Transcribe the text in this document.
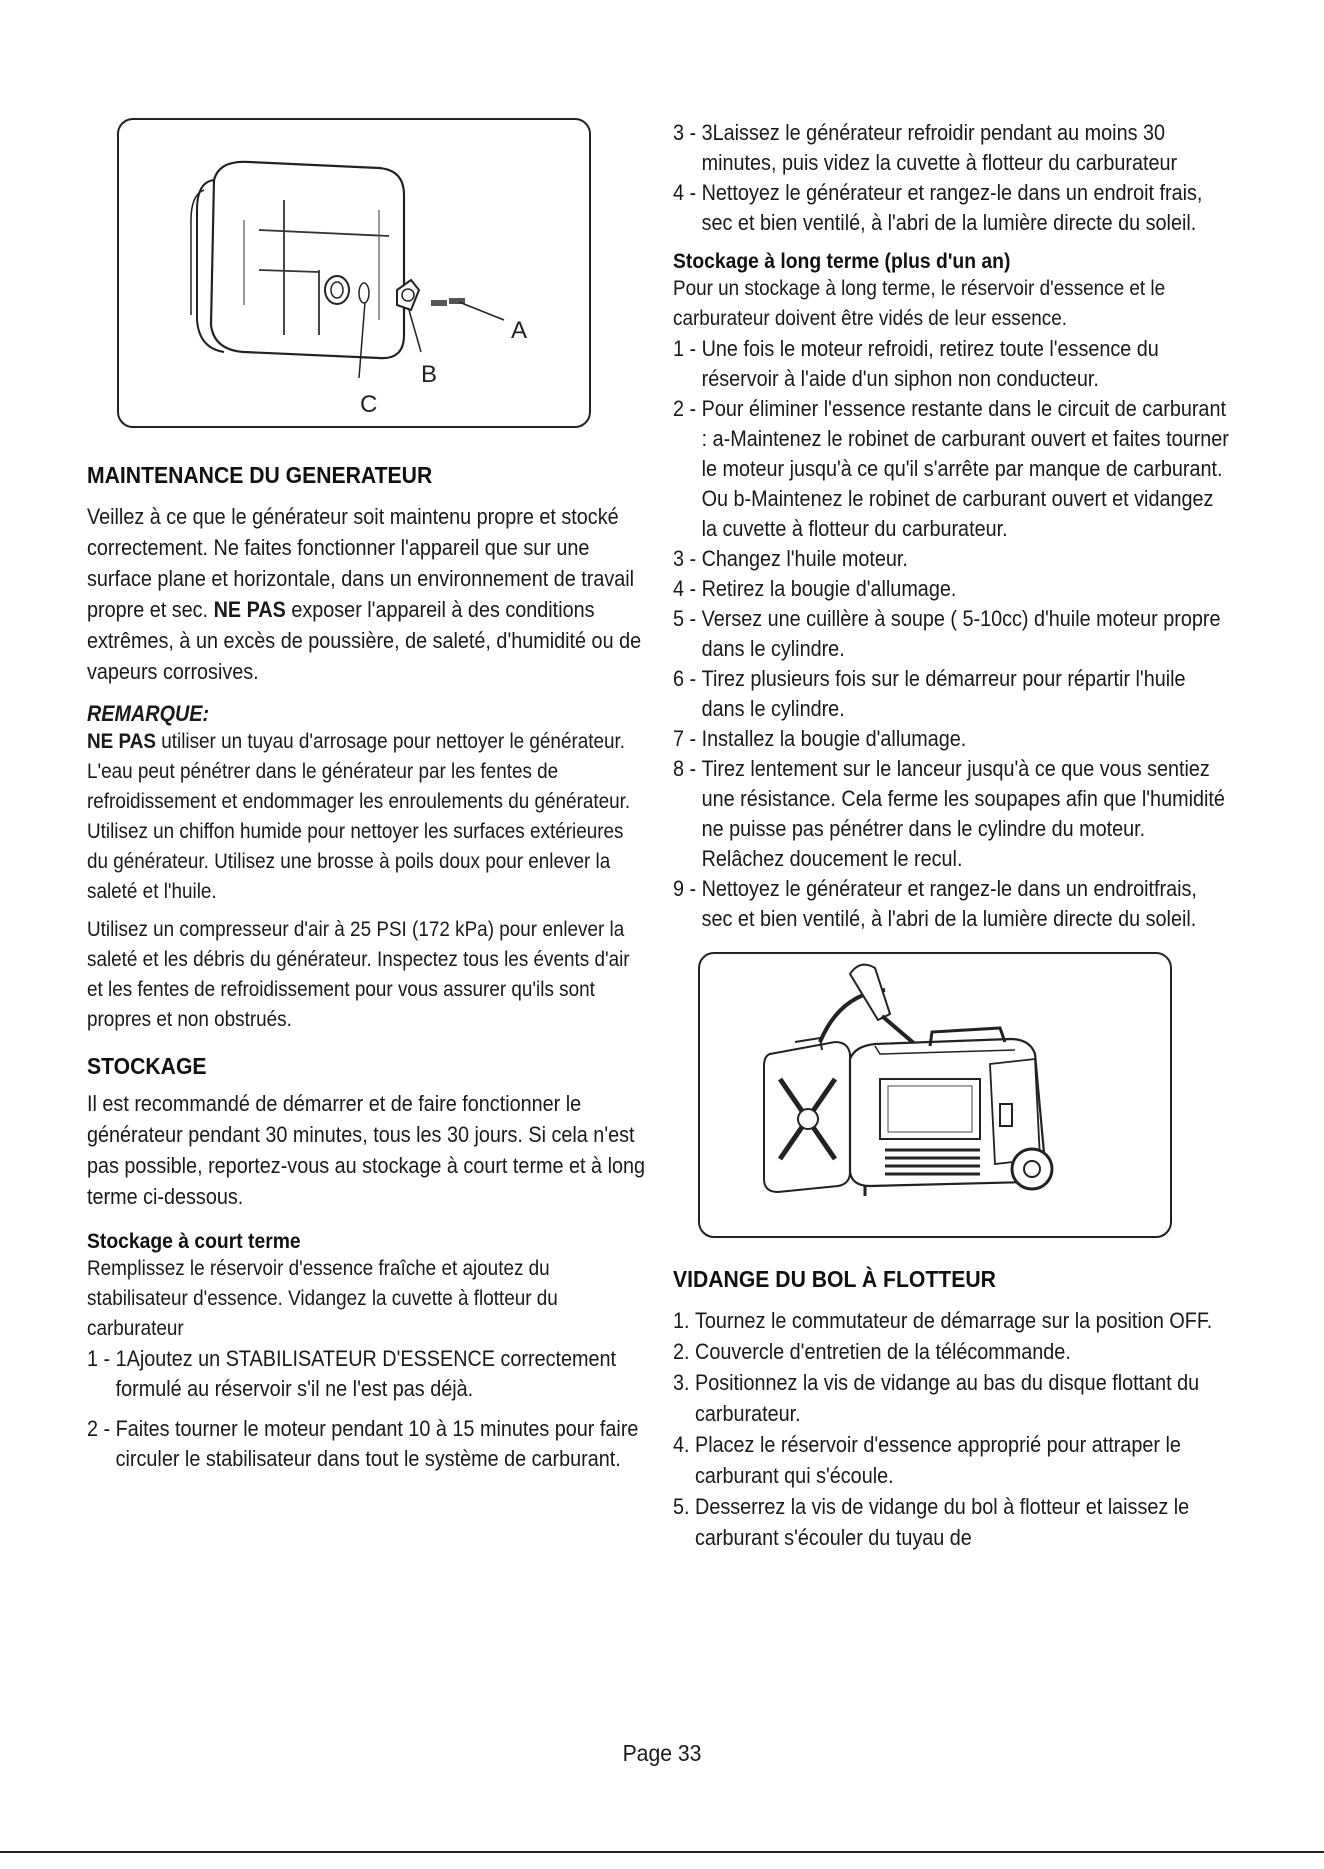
A
B
C
MAINTENANCE DU GENERATEUR

Veillez à ce que le générateur soit maintenu propre et stocké correctement. Ne faites fonctionner l'appareil que sur une surface plane et horizontale, dans un environnement de travail propre et sec. NE PAS exposer l'appareil à des conditions extrêmes, à un excès de poussière, de saleté, d'humidité ou de vapeurs corrosives.

REMARQUE:

NE PAS utiliser un tuyau d'arrosage pour nettoyer le générateur. L'eau peut pénétrer dans le générateur par les fentes de refroidissement et endommager les enroulements du générateur. Utilisez un chiffon humide pour nettoyer les surfaces extérieures du générateur. Utilisez une brosse à poils doux pour enlever la saleté et l'huile.

Utilisez un compresseur d'air à 25 PSI (172 kPa) pour enlever la saleté et les débris du générateur. Inspectez tous les évents d'air et les fentes de refroidissement pour vous assurer qu'ils sont propres et non obstrués.

STOCKAGE

Il est recommandé de démarrer et de faire fonctionner le générateur pendant 30 minutes, tous les 30 jours. Si cela n'est pas possible, reportez-vous au stockage à court terme et à long terme ci-dessous.

Stockage à court terme

Remplissez le réservoir d'essence fraîche et ajoutez du stabilisateur d'essence. Vidangez la cuvette à flotteur du carburateur

1 - 1Ajoutez un STABILISATEUR D'ESSENCE correctement formulé au réservoir s'il ne l'est pas déjà.
2 - Faites tourner le moteur pendant 10 à 15 minutes pour faire circuler le stabilisateur dans tout le système de carburant.
3 - 3Laissez le générateur refroidir pendant au moins 30 minutes, puis videz la cuvette à flotteur du carburateur
4 - Nettoyez le générateur et rangez-le dans un endroit frais, sec et bien ventilé, à l'abri de la lumière directe du soleil.
Stockage à long terme (plus d'un an)

Pour un stockage à long terme, le réservoir d'essence et le carburateur doivent être vidés de leur essence.

1 - Une fois le moteur refroidi, retirez toute l'essence du réservoir à l'aide d'un siphon non conducteur.
2 - Pour éliminer l'essence restante dans le circuit de carburant : a-Maintenez le robinet de carburant ouvert et faites tourner le moteur jusqu'à ce qu'il s'arrête par manque de carburant. Ou b-Maintenez le robinet de carburant ouvert et vidangez la cuvette à flotteur du carburateur.
3 - Changez l'huile moteur.
4 - Retirez la bougie d'allumage.
5 - Versez une cuillère à soupe ( 5-10cc) d'huile moteur propre dans le cylindre.
6 - Tirez plusieurs fois sur le démarreur pour répartir l'huile dans le cylindre.
7 - Installez la bougie d'allumage.
8 - Tirez lentement sur le lanceur jusqu'à ce que vous sentiez une résistance. Cela ferme les soupapes afin que l'humidité ne puisse pas pénétrer dans le cylindre du moteur. Relâchez doucement le recul.
9 - Nettoyez le générateur et rangez-le dans un endroitfrais, sec et bien ventilé, à l'abri de la lumière directe du soleil.
VIDANGE DU BOL À FLOTTEUR
1. Tournez le commutateur de démarrage sur la position OFF.
2. Couvercle d'entretien de la télécommande.
3. Positionnez la vis de vidange au bas du disque flottant du carburateur.
4. Placez le réservoir d'essence approprié pour attraper le carburant qui s'écoule.
5. Desserrez la vis de vidange du bol à flotteur et laissez le carburant s'écouler du tuyau de
Page 33
